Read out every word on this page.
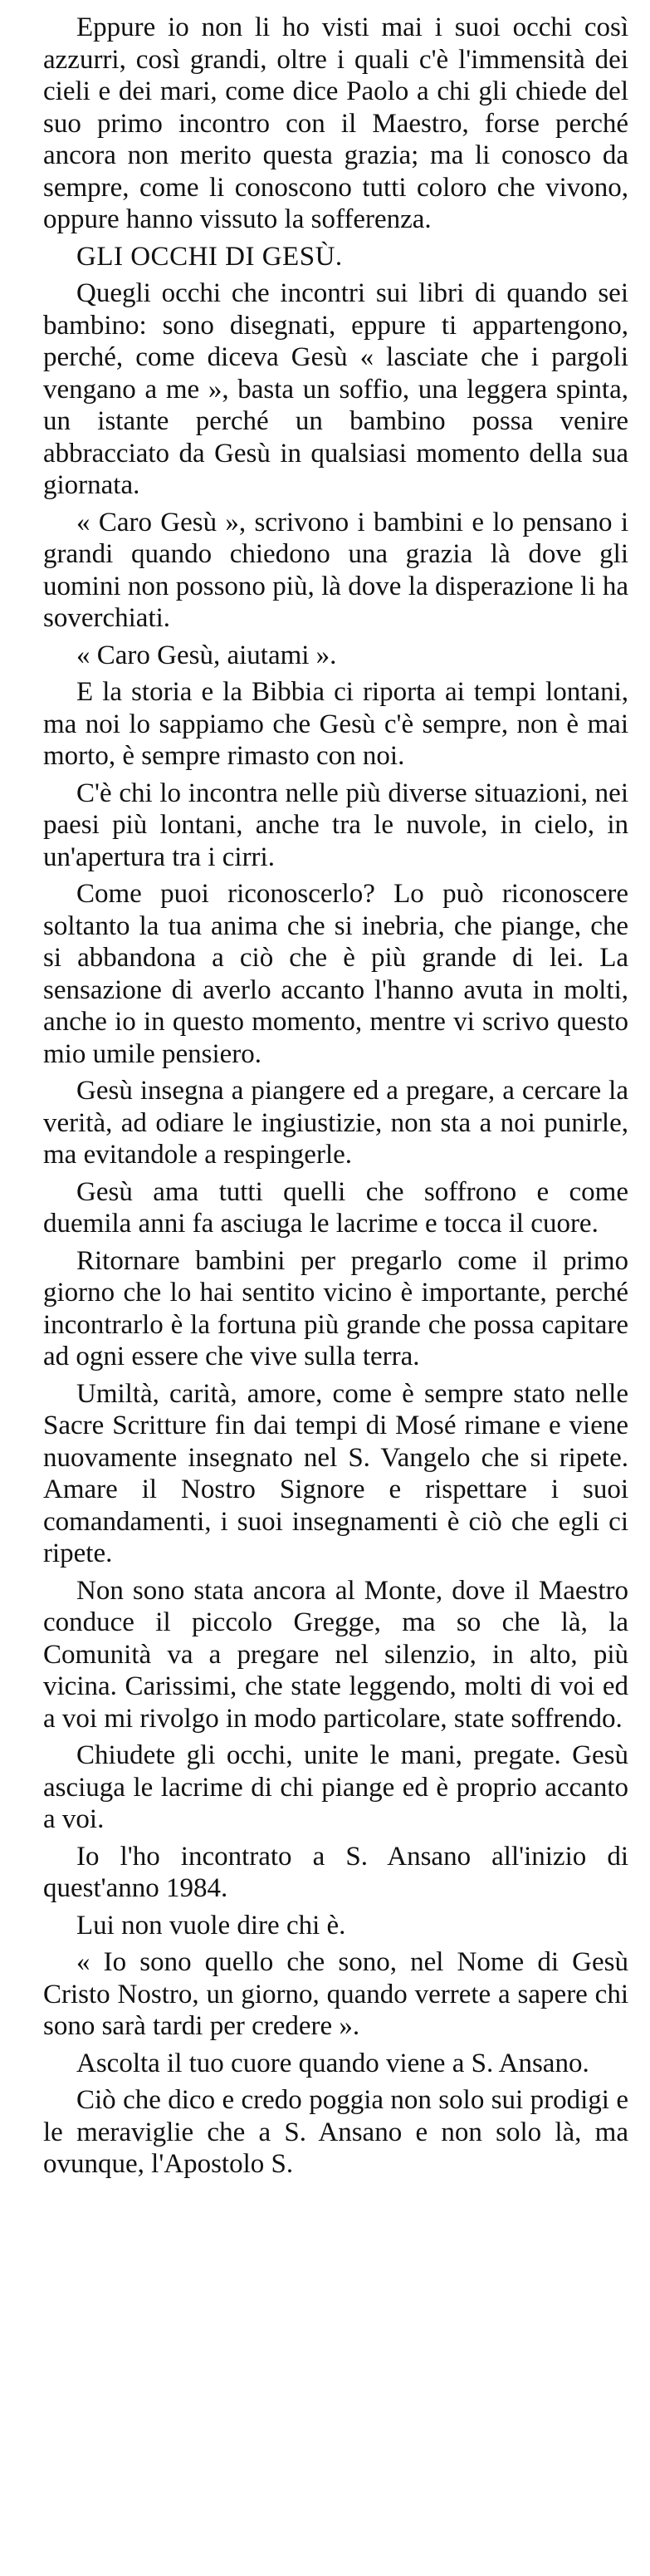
Eppure io non li ho visti mai i suoi occhi così azzurri, così grandi, oltre i quali c'è l'immensità dei cieli e dei mari, come dice Paolo a chi gli chiede del suo primo incontro con il Maestro, forse perché ancora non merito questa grazia; ma li conosco da sempre, come li conoscono tutti coloro che vivono, oppure hanno vissuto la sofferenza.

GLI OCCHI DI GESÙ.

Quegli occhi che incontri sui libri di quando sei bambino: sono disegnati, eppure ti appartengono, perché, come diceva Gesù « lasciate che i pargoli vengano a me », basta un soffio, una leggera spinta, un istante perché un bambino possa venire abbracciato da Gesù in qualsiasi momento della sua giornata.

« Caro Gesù », scrivono i bambini e lo pensano i grandi quando chiedono una grazia là dove gli uomini non possono più, là dove la disperazione li ha soverchiati.

« Caro Gesù, aiutami ».

E la storia e la Bibbia ci riporta ai tempi lontani, ma noi lo sappiamo che Gesù c'è sempre, non è mai morto, è sempre rimasto con noi.

C'è chi lo incontra nelle più diverse situazioni, nei paesi più lontani, anche tra le nuvole, in cielo, in un'apertura tra i cirri.

Come puoi riconoscerlo? Lo può riconoscere soltanto la tua anima che si inebria, che piange, che si abbandona a ciò che è più grande di lei. La sensazione di averlo accanto l'hanno avuta in molti, anche io in questo momento, mentre vi scrivo questo mio umile pensiero.

Gesù insegna a piangere ed a pregare, a cercare la verità, ad odiare le ingiustizie, non sta a noi punirle, ma evitandole a respingerle.

Gesù ama tutti quelli che soffrono e come duemila anni fa asciuga le lacrime e tocca il cuore.

Ritornare bambini per pregarlo come il primo giorno che lo hai sentito vicino è importante, perché incontrarlo è la fortuna più grande che possa capitare ad ogni essere che vive sulla terra.

Umiltà, carità, amore, come è sempre stato nelle Sacre Scritture fin dai tempi di Mosé rimane e viene nuovamente insegnato nel S. Vangelo che si ripete. Amare il Nostro Signore e rispettare i suoi comandamenti, i suoi insegnamenti è ciò che egli ci ripete.

Non sono stata ancora al Monte, dove il Maestro conduce il piccolo Gregge, ma so che là, la Comunità va a pregare nel silenzio, in alto, più vicina. Carissimi, che state leggendo, molti di voi ed a voi mi rivolgo in modo particolare, state soffrendo.

Chiudete gli occhi, unite le mani, pregate. Gesù asciuga le lacrime di chi piange ed è proprio accanto a voi.

Io l'ho incontrato a S. Ansano all'inizio di quest'anno 1984.

Lui non vuole dire chi è.

« Io sono quello che sono, nel Nome di Gesù Cristo Nostro, un giorno, quando verrete a sapere chi sono sarà tardi per credere ».

Ascolta il tuo cuore quando viene a S. Ansano.

Ciò che dico e credo poggia non solo sui prodigi e le meraviglie che a S. Ansano e non solo là, ma ovunque, l'Apostolo S.
